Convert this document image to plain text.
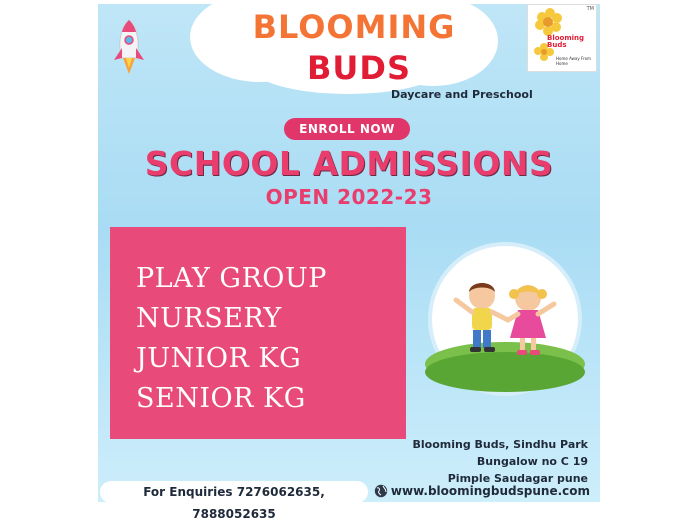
BLOOMING
BUDS
Daycare and Preschool
Blooming Buds
Home Away From Home
TM
ENROLL NOW
SCHOOL ADMISSIONS
OPEN 2022-23
PLAY GROUP
NURSERY
JUNIOR KG
SENIOR KG
Blooming Buds, Sindhu Park
Bungalow no C 19
Pimple Saudagar pune
For Enquiries 7276062635, 7888052635
www.bloomingbudspune.com
